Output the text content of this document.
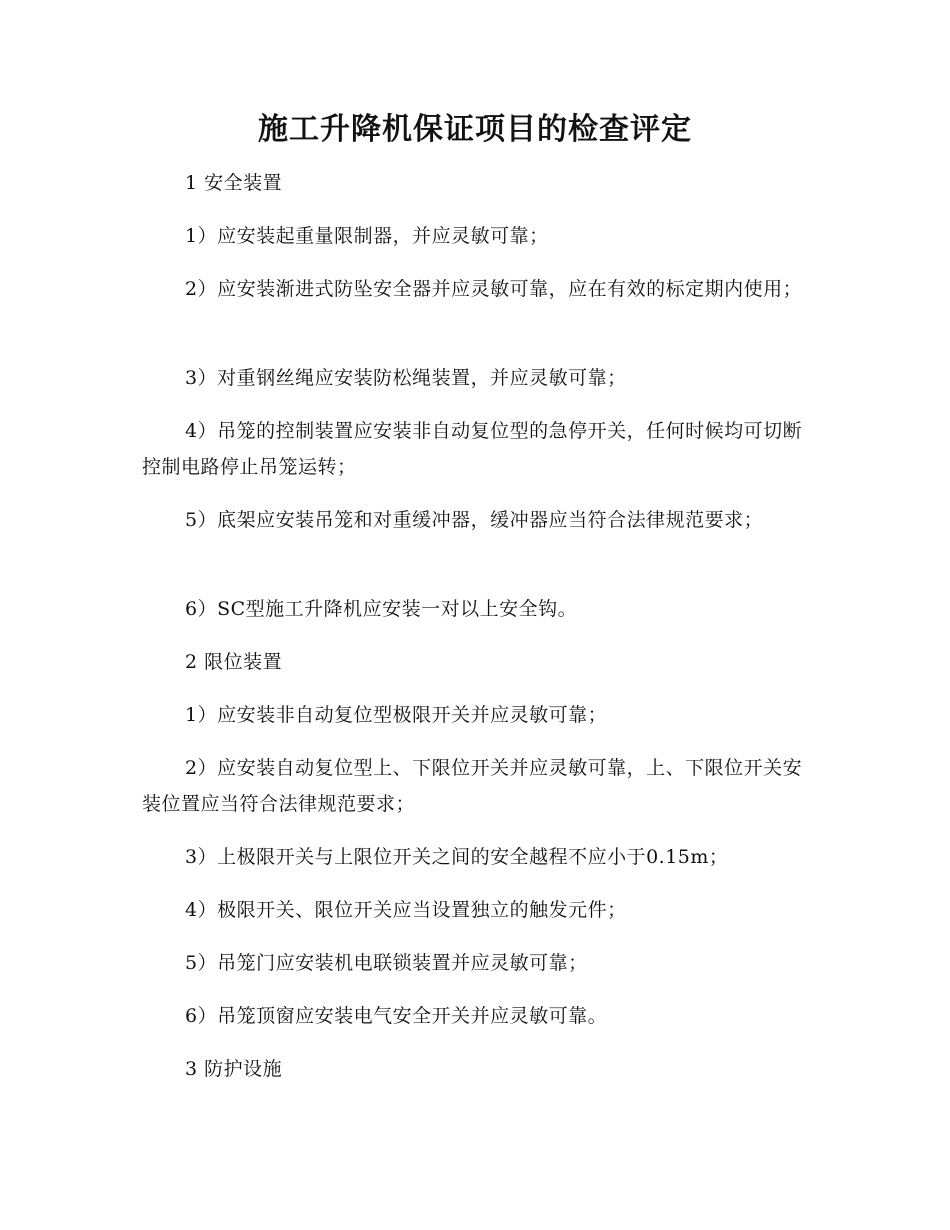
施工升降机保证项目的检查评定

1 安全装置

1）应安装起重量限制器，并应灵敏可靠；

2）应安装渐进式防坠安全器并应灵敏可靠，应在有效的标定期内使用；

3）对重钢丝绳应安装防松绳装置，并应灵敏可靠；

4）吊笼的控制装置应安装非自动复位型的急停开关，任何时候均可切断控制电路停止吊笼运转；

5）底架应安装吊笼和对重缓冲器，缓冲器应当符合法律规范要求；

6）SC型施工升降机应安装一对以上安全钩。

2 限位装置

1）应安装非自动复位型极限开关并应灵敏可靠；

2）应安装自动复位型上、下限位开关并应灵敏可靠，上、下限位开关安装位置应当符合法律规范要求；

3）上极限开关与上限位开关之间的安全越程不应小于0.15m；

4）极限开关、限位开关应当设置独立的触发元件；

5）吊笼门应安装机电联锁装置并应灵敏可靠；

6）吊笼顶窗应安装电气安全开关并应灵敏可靠。

3 防护设施
